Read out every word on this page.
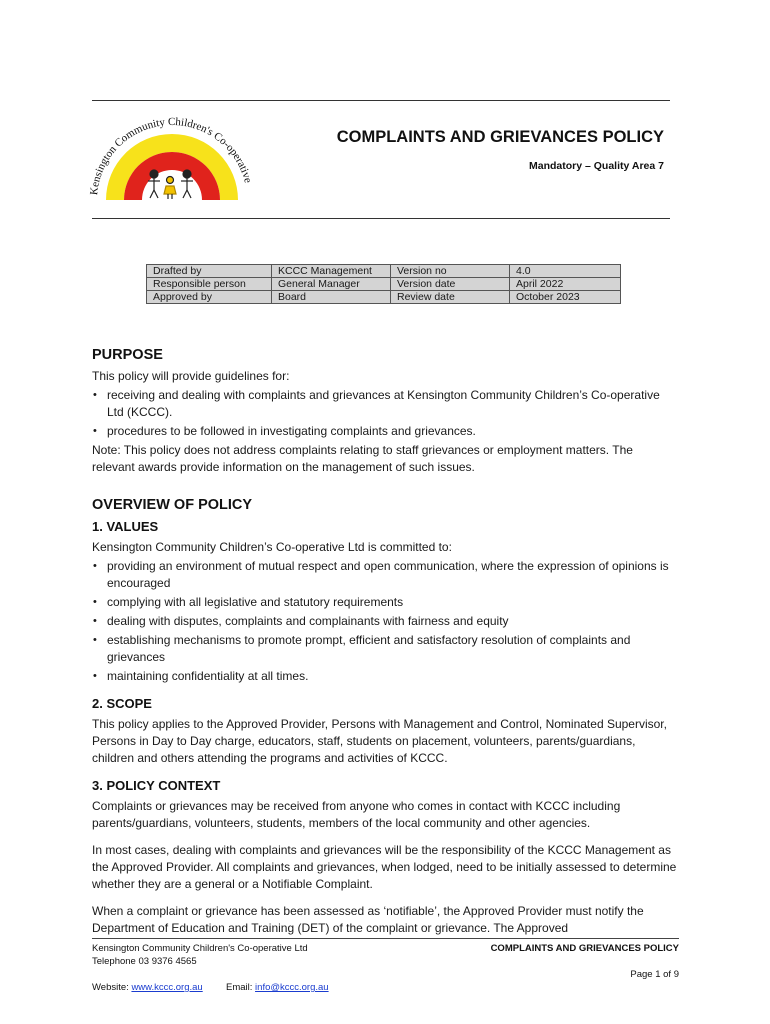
Kensington Community Children's Co-operative
COMPLAINTS AND GRIEVANCES POLICY
Mandatory – Quality Area 7
Drafted by	KCCC Management	Version no	4.0
Responsible person	General Manager	Version date	April 2022
Approved by	Board	Review date	October 2023
PURPOSE

This policy will provide guidelines for:

• receiving and dealing with complaints and grievances at Kensington Community Children’s Co-operative Ltd (KCCC).
• procedures to be followed in investigating complaints and grievances.

Note: This policy does not address complaints relating to staff grievances or employment matters. The relevant awards provide information on the management of such issues.

OVERVIEW OF POLICY
1. VALUES

Kensington Community Children’s Co-operative Ltd is committed to:

• providing an environment of mutual respect and open communication, where the expression of opinions is encouraged
• complying with all legislative and statutory requirements
• dealing with disputes, complaints and complainants with fairness and equity
• establishing mechanisms to promote prompt, efficient and satisfactory resolution of complaints and grievances
• maintaining confidentiality at all times.
2. SCOPE

This policy applies to the Approved Provider, Persons with Management and Control, Nominated Supervisor, Persons in Day to Day charge, educators, staff, students on placement, volunteers, parents/guardians, children and others attending the programs and activities of KCCC.

3. POLICY CONTEXT

Complaints or grievances may be received from anyone who comes in contact with KCCC including parents/guardians, volunteers, students, members of the local community and other agencies.

In most cases, dealing with complaints and grievances will be the responsibility of the KCCC Management as the Approved Provider. All complaints and grievances, when lodged, need to be initially assessed to determine whether they are a general or a Notifiable Complaint.

When a complaint or grievance has been assessed as ‘notifiable’, the Approved Provider must notify the Department of Education and Training (DET) of the complaint or grievance. The Approved

Kensington Community Children's Co-operative Ltd
Telephone 03 9376 4565
Website: www.kccc.org.au Email: info@kccc.org.au
COMPLAINTS AND GRIEVANCES POLICY
Page 1 of 9
